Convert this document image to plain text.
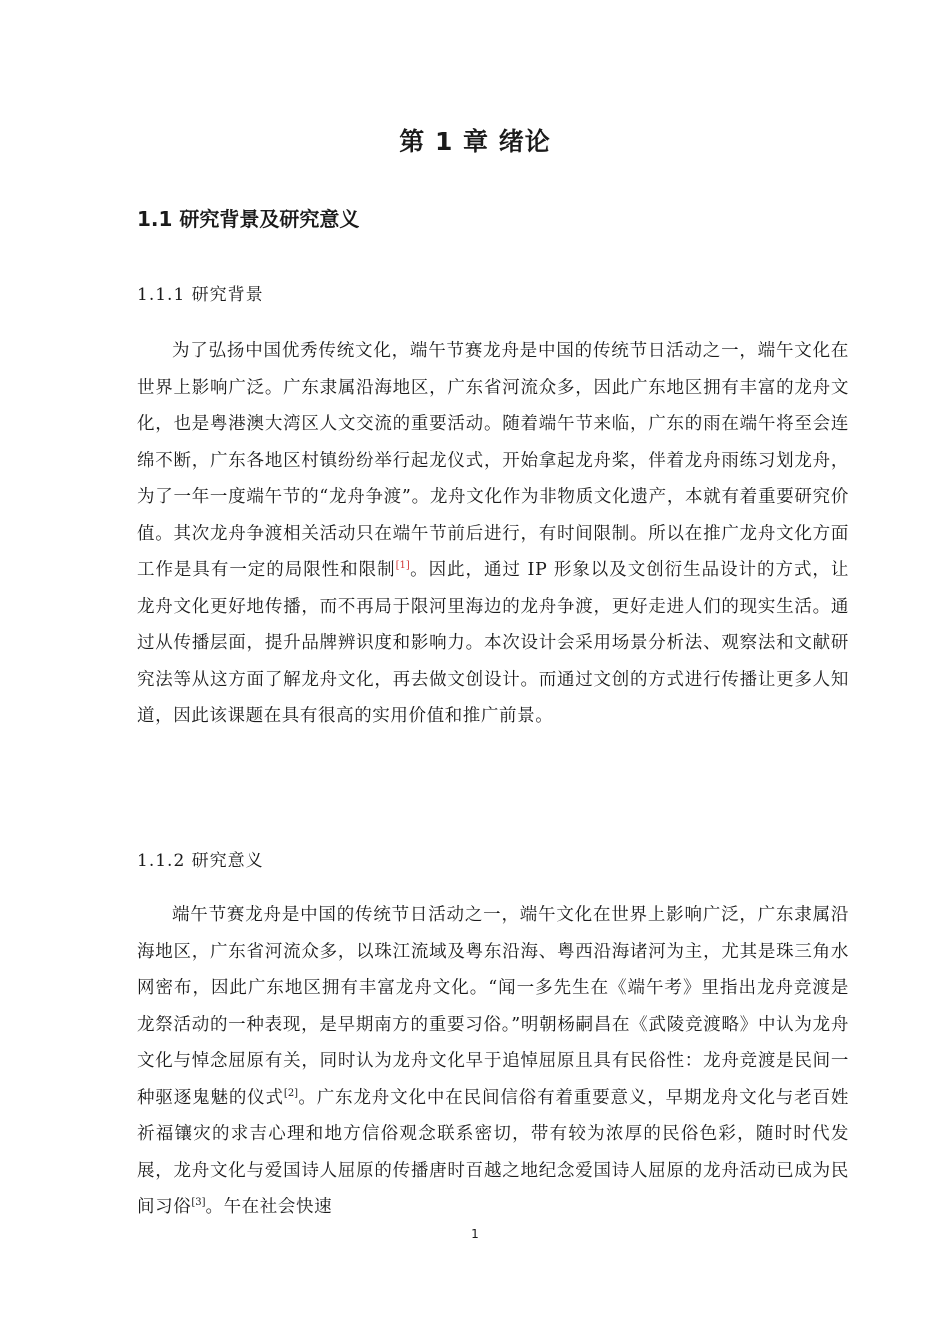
第 1 章 绪论
1.1 研究背景及研究意义
1.1.1 研究背景

为了弘扬中国优秀传统文化，端午节赛龙舟是中国的传统节日活动之一，端午文化在世界上影响广泛。广东隶属沿海地区，广东省河流众多，因此广东地区拥有丰富的龙舟文化，也是粤港澳大湾区人文交流的重要活动。随着端午节来临，广东的雨在端午将至会连绵不断，广东各地区村镇纷纷举行起龙仪式，开始拿起龙舟桨，伴着龙舟雨练习划龙舟，为了一年一度端午节的“龙舟争渡”。龙舟文化作为非物质文化遗产，本就有着重要研究价值。其次龙舟争渡相关活动只在端午节前后进行，有时间限制。所以在推广龙舟文化方面工作是具有一定的局限性和限制[1]。因此，通过 IP 形象以及文创衍生品设计的方式，让龙舟文化更好地传播，而不再局于限河里海边的龙舟争渡，更好走进人们的现实生活。通过从传播层面，提升品牌辨识度和影响力。本次设计会采用场景分析法、观察法和文献研究法等从这方面了解龙舟文化，再去做文创设计。而通过文创的方式进行传播让更多人知道，因此该课题在具有很高的实用价值和推广前景。

1.1.2 研究意义

端午节赛龙舟是中国的传统节日活动之一，端午文化在世界上影响广泛，广东隶属沿海地区，广东省河流众多，以珠江流域及粤东沿海、粤西沿海诸河为主，尤其是珠三角水网密布，因此广东地区拥有丰富龙舟文化。“闻一多先生在《端午考》里指出龙舟竞渡是龙祭活动的一种表现，是早期南方的重要习俗。”明朝杨嗣昌在《武陵竞渡略》中认为龙舟文化与悼念屈原有关，同时认为龙舟文化早于追悼屈原且具有民俗性：龙舟竞渡是民间一种驱逐鬼魅的仪式[2]。广东龙舟文化中在民间信俗有着重要意义，早期龙舟文化与老百姓祈福镶灾的求吉心理和地方信俗观念联系密切，带有较为浓厚的民俗色彩，随时时代发展，龙舟文化与爱国诗人屈原的传播唐时百越之地纪念爱国诗人屈原的龙舟活动已成为民间习俗[3]。午在社会快速

1
